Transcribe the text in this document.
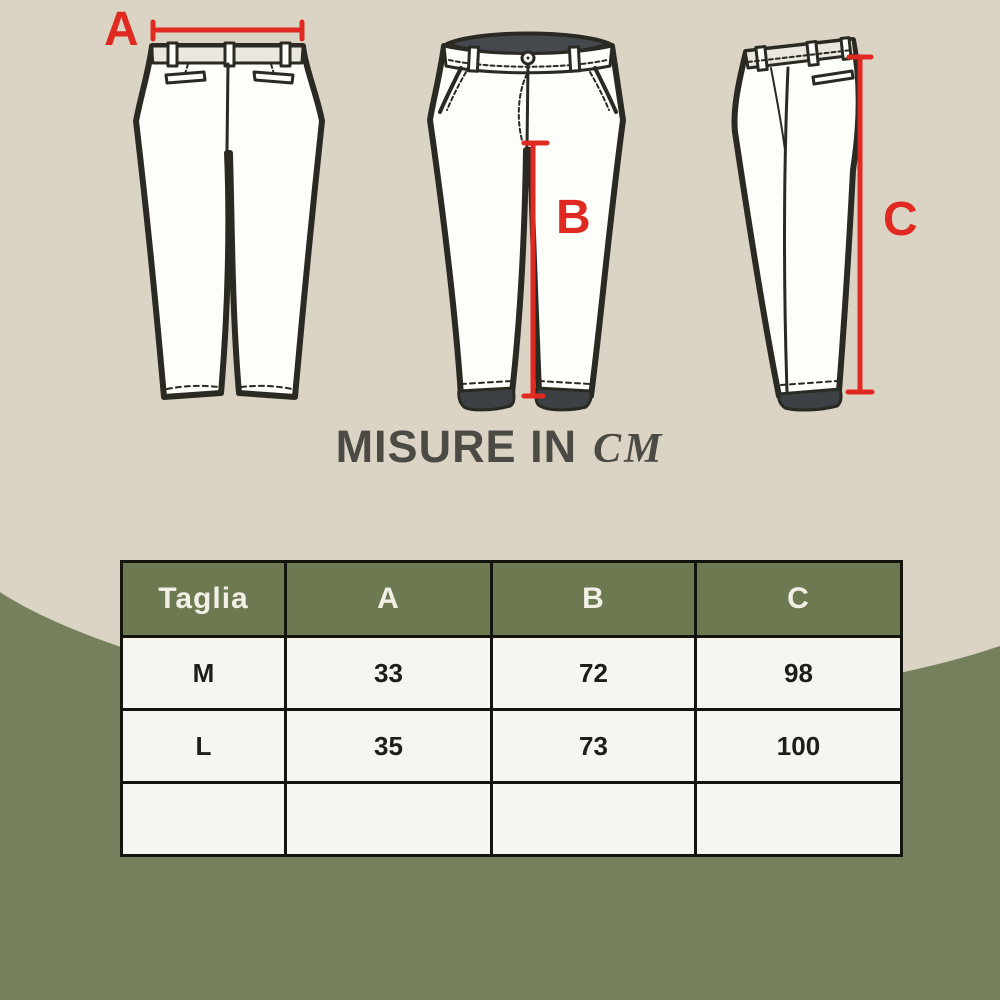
A
B	C
MISURE IN CM
Taglia	A	B	C
M	33	72	98
L	35	73	100
